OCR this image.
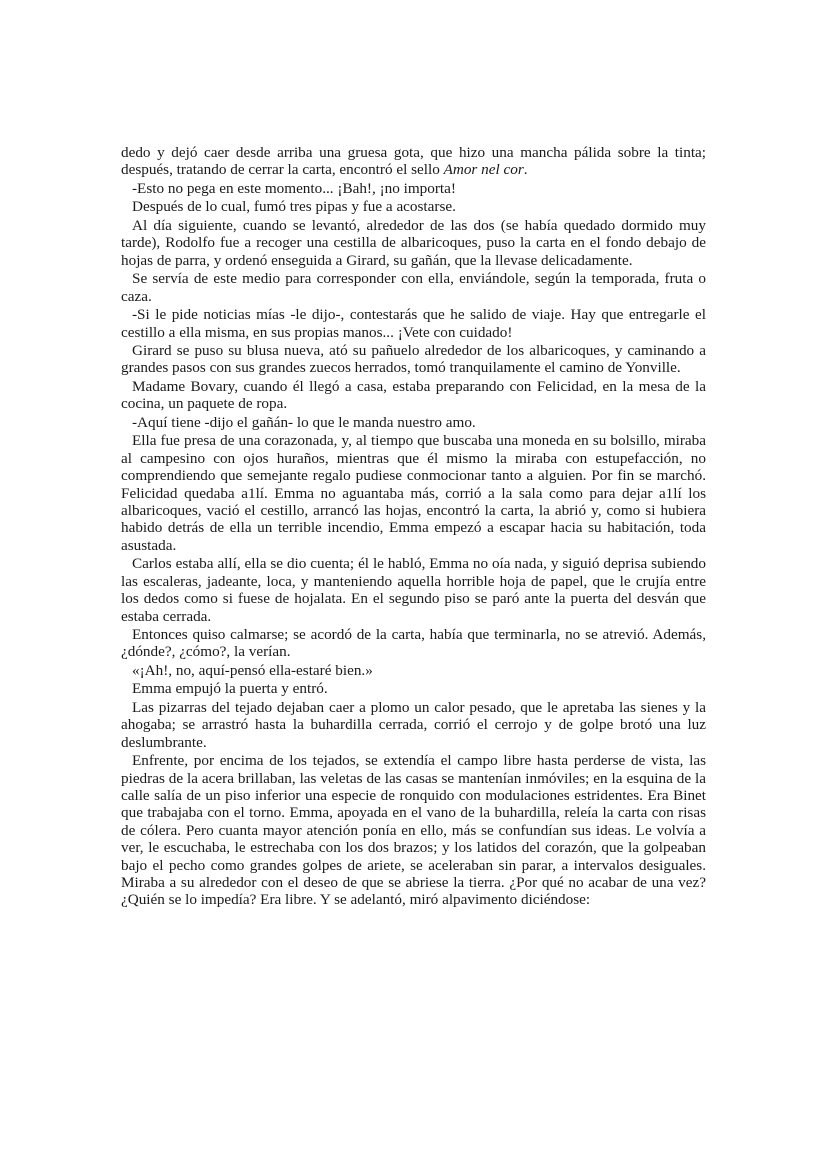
dedo y dejó caer desde arriba una gruesa gota, que hizo una mancha pálida sobre la tinta; después, tratando de cerrar la carta, encontró el sello Amor nel cor.

-Esto no pega en este momento... ¡Bah!, ¡no importa!

Después de lo cual, fumó tres pipas y fue a acostarse.

Al día siguiente, cuando se levantó, alrededor de las dos (se había quedado dormido muy tarde), Rodolfo fue a recoger una cestilla de albaricoques, puso la carta en el fondo debajo de hojas de parra, y ordenó enseguida a Girard, su gañán, que la llevase delicadamente.

Se servía de este medio para corresponder con ella, enviándole, según la temporada, fruta o caza.

-Si le pide noticias mías -le dijo-, contestarás que he salido de viaje. Hay que entregarle el cestillo a ella misma, en sus propias manos... ¡Vete con cuidado!

Girard se puso su blusa nueva, ató su pañuelo alrededor de los albaricoques, y caminando a grandes pasos con sus grandes zuecos herrados, tomó tranquilamente el camino de Yonville.

Madame Bovary, cuando él llegó a casa, estaba preparando con Felicidad, en la mesa de la cocina, un paquete de ropa.

-Aquí tiene -dijo el gañán- lo que le manda nuestro amo.

Ella fue presa de una corazonada, y, al tiempo que buscaba una moneda en su bolsillo, miraba al campesino con ojos huraños, mientras que él mismo la miraba con estupefacción, no comprendiendo que semejante regalo pudiese conmocionar tanto a alguien. Por fin se marchó. Felicidad quedaba a1lí. Emma no aguantaba más, corrió a la sala como para dejar a1lí los albaricoques, vació el cestillo, arrancó las hojas, encontró la carta, la abrió y, como si hubiera habido detrás de ella un terrible incendio, Emma empezó a escapar hacia su habitación, toda asustada.

Carlos estaba allí, ella se dio cuenta; él le habló, Emma no oía nada, y siguió deprisa subiendo las escaleras, jadeante, loca, y manteniendo aquella horrible hoja de papel, que le crujía entre los dedos como si fuese de hojalata. En el segundo piso se paró ante la puerta del desván que estaba cerrada.

Entonces quiso calmarse; se acordó de la carta, había que terminarla, no se atrevió. Además, ¿dónde?, ¿cómo?, la verían.

«¡Ah!, no, aquí-pensó ella-estaré bien.»

Emma empujó la puerta y entró.

Las pizarras del tejado dejaban caer a plomo un calor pesado, que le apretaba las sienes y la ahogaba; se arrastró hasta la buhardilla cerrada, corrió el cerrojo y de golpe brotó una luz deslumbrante.

Enfrente, por encima de los tejados, se extendía el campo libre hasta perderse de vista, las piedras de la acera brillaban, las veletas de las casas se mantenían inmóviles; en la esquina de la calle salía de un piso inferior una especie de ronquido con modulaciones estridentes. Era Binet que trabajaba con el torno. Emma, apoyada en el vano de la buhardilla, releía la carta con risas de cólera. Pero cuanta mayor atención ponía en ello, más se confundían sus ideas. Le volvía a ver, le escuchaba, le estrechaba con los dos brazos; y los latidos del corazón, que la golpeaban bajo el pecho como grandes golpes de ariete, se aceleraban sin parar, a intervalos desiguales. Miraba a su alrededor con el deseo de que se abriese la tierra. ¿Por qué no acabar de una vez? ¿Quién se lo impedía? Era libre. Y se adelantó, miró alpavimento diciéndose:
